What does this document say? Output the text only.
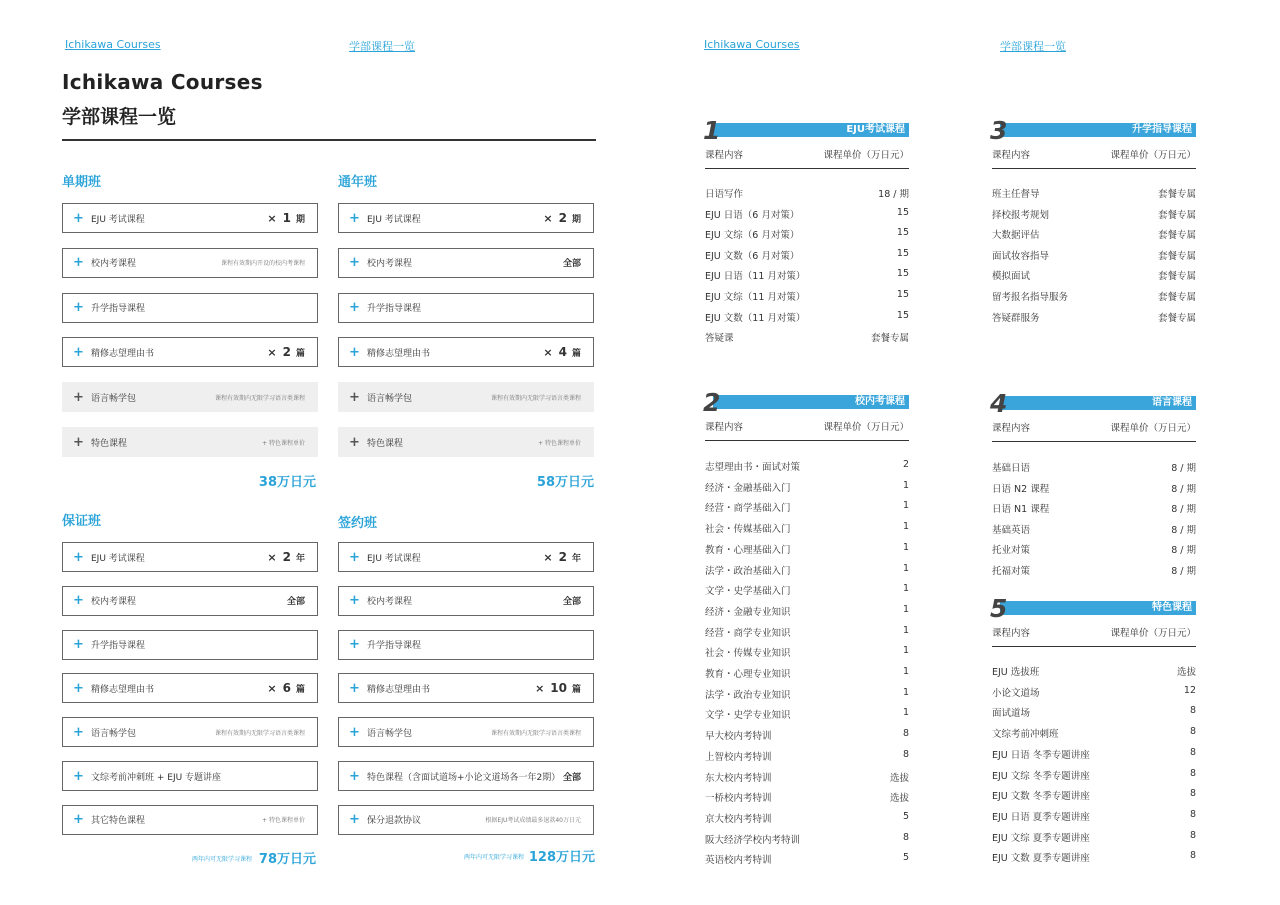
Ichikawa Courses	学部课程一览
Ichikawa Courses
学部课程一览
单期班
+ EJU 考试课程	× 1 期
+ 校内考课程	课程有效期内开设的校内考课程
+ 升学指导课程
+ 精修志望理由书	× 2 篇
+ 语言畅学包	课程有效期内无限学习语言类课程
+ 特色课程	+ 特色课程单价
38万日元
通年班
+ EJU 考试课程	× 2 期
+ 校内考课程	全部
+ 升学指导课程
+ 精修志望理由书	× 4 篇
+ 语言畅学包	课程有效期内无限学习语言类课程
+ 特色课程	+ 特色课程单价
58万日元
保证班
+ EJU 考试课程	× 2 年
+ 校内考课程	全部
+ 升学指导课程
+ 精修志望理由书	× 6 篇
+ 语言畅学包	课程有效期内无限学习语言类课程
+ 文综考前冲刺班 + EJU 专题讲座
+ 其它特色课程	+ 特色课程单价
78万日元
两年内可无限学习课程
签约班
+ EJU 考试课程	× 2 年
+ 校内考课程	全部
+ 升学指导课程
+ 精修志望理由书	× 10 篇
+ 语言畅学包	课程有效期内无限学习语言类课程
+ 特色课程（含面试道场+小论文道场各一年2期） 全部
+ 保分退款协议	根据EJU考试成绩最多退款40万日元
128万日元
两年内可无限学习课程
Ichikawa Courses	学部课程一览
1	EJU考试课程
课程内容	课程单价（万日元）
日语写作	18 / 期
EJU 日语（6 月对策）	15
EJU 文综（6 月对策）	15
EJU 文数（6 月对策）	15
EJU 日语（11 月对策）	15
EJU 文综（11 月对策）	15
EJU 文数（11 月对策）	15
答疑课	套餐专属
2	校内考课程
课程内容	课程单价（万日元）
志望理由书・面试对策	2
经济・金融基础入门	1
经营・商学基础入门	1
社会・传媒基础入门	1
教育・心理基础入门	1
法学・政治基础入门	1
文学・史学基础入门	1
经济・金融专业知识	1
经营・商学专业知识	1
社会・传媒专业知识	1
教育・心理专业知识	1
法学・政治专业知识	1
文学・史学专业知识	1
早大校内考特训	8
上智校内考特训	8
东大校内考特训	选拔
一桥校内考特训	选拔
京大校内考特训	5
阪大经济学校内考特训	8
英语校内考特训	5
3	升学指导课程
课程内容	课程单价（万日元）
班主任督导	套餐专属
择校报考规划	套餐专属
大数据评估	套餐专属
面试妆容指导	套餐专属
模拟面试	套餐专属
留考报名指导服务	套餐专属
答疑群服务	套餐专属
4	语言课程
课程内容	课程单价（万日元）
基础日语	8 / 期
日语 N2 课程	8 / 期
日语 N1 课程	8 / 期
基础英语	8 / 期
托业对策	8 / 期
托福对策	8 / 期
5	特色课程
课程内容	课程单价（万日元）
EJU 选拔班	选拔
小论文道场	12
面试道场	8
文综考前冲刺班	8
EJU 日语 冬季专题讲座	8
EJU 文综 冬季专题讲座	8
EJU 文数 冬季专题讲座	8
EJU 日语 夏季专题讲座	8
EJU 文综 夏季专题讲座	8
EJU 文数 夏季专题讲座	8
